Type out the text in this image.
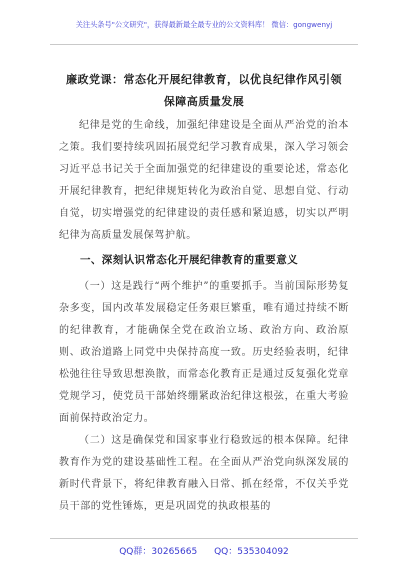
关注头条号"公文研究"，获得最新最全最专业的公文资料库！ 微信：gongwenyj
廉政党课：常态化开展纪律教育，以优良纪律作风引领保障高质量发展

纪律是党的生命线，加强纪律建设是全面从严治党的治本之策。我们要持续巩固拓展党纪学习教育成果，深入学习领会习近平总书记关于全面加强党的纪律建设的重要论述，常态化开展纪律教育，把纪律规矩转化为政治自觉、思想自觉、行动自觉，切实增强党的纪律建设的责任感和紧迫感，切实以严明纪律为高质量发展保驾护航。

一、深刻认识常态化开展纪律教育的重要意义

（一）这是践行“两个维护”的重要抓手。当前国际形势复杂多变，国内改革发展稳定任务艰巨繁重，唯有通过持续不断的纪律教育，才能确保全党在政治立场、政治方向、政治原则、政治道路上同党中央保持高度一致。历史经验表明，纪律松弛往往导致思想涣散，而常态化教育正是通过反复强化党章党规学习，使党员干部始终绷紧政治纪律这根弦，在重大考验面前保持政治定力。

（二）这是确保党和国家事业行稳致远的根本保障。纪律教育作为党的建设基础性工程。在全面从严治党向纵深发展的新时代背景下，将纪律教育融入日常、抓在经常，不仅关乎党员干部的党性锤炼，更是巩固党的执政根基的

QQ群：30265665 QQ：535304092
